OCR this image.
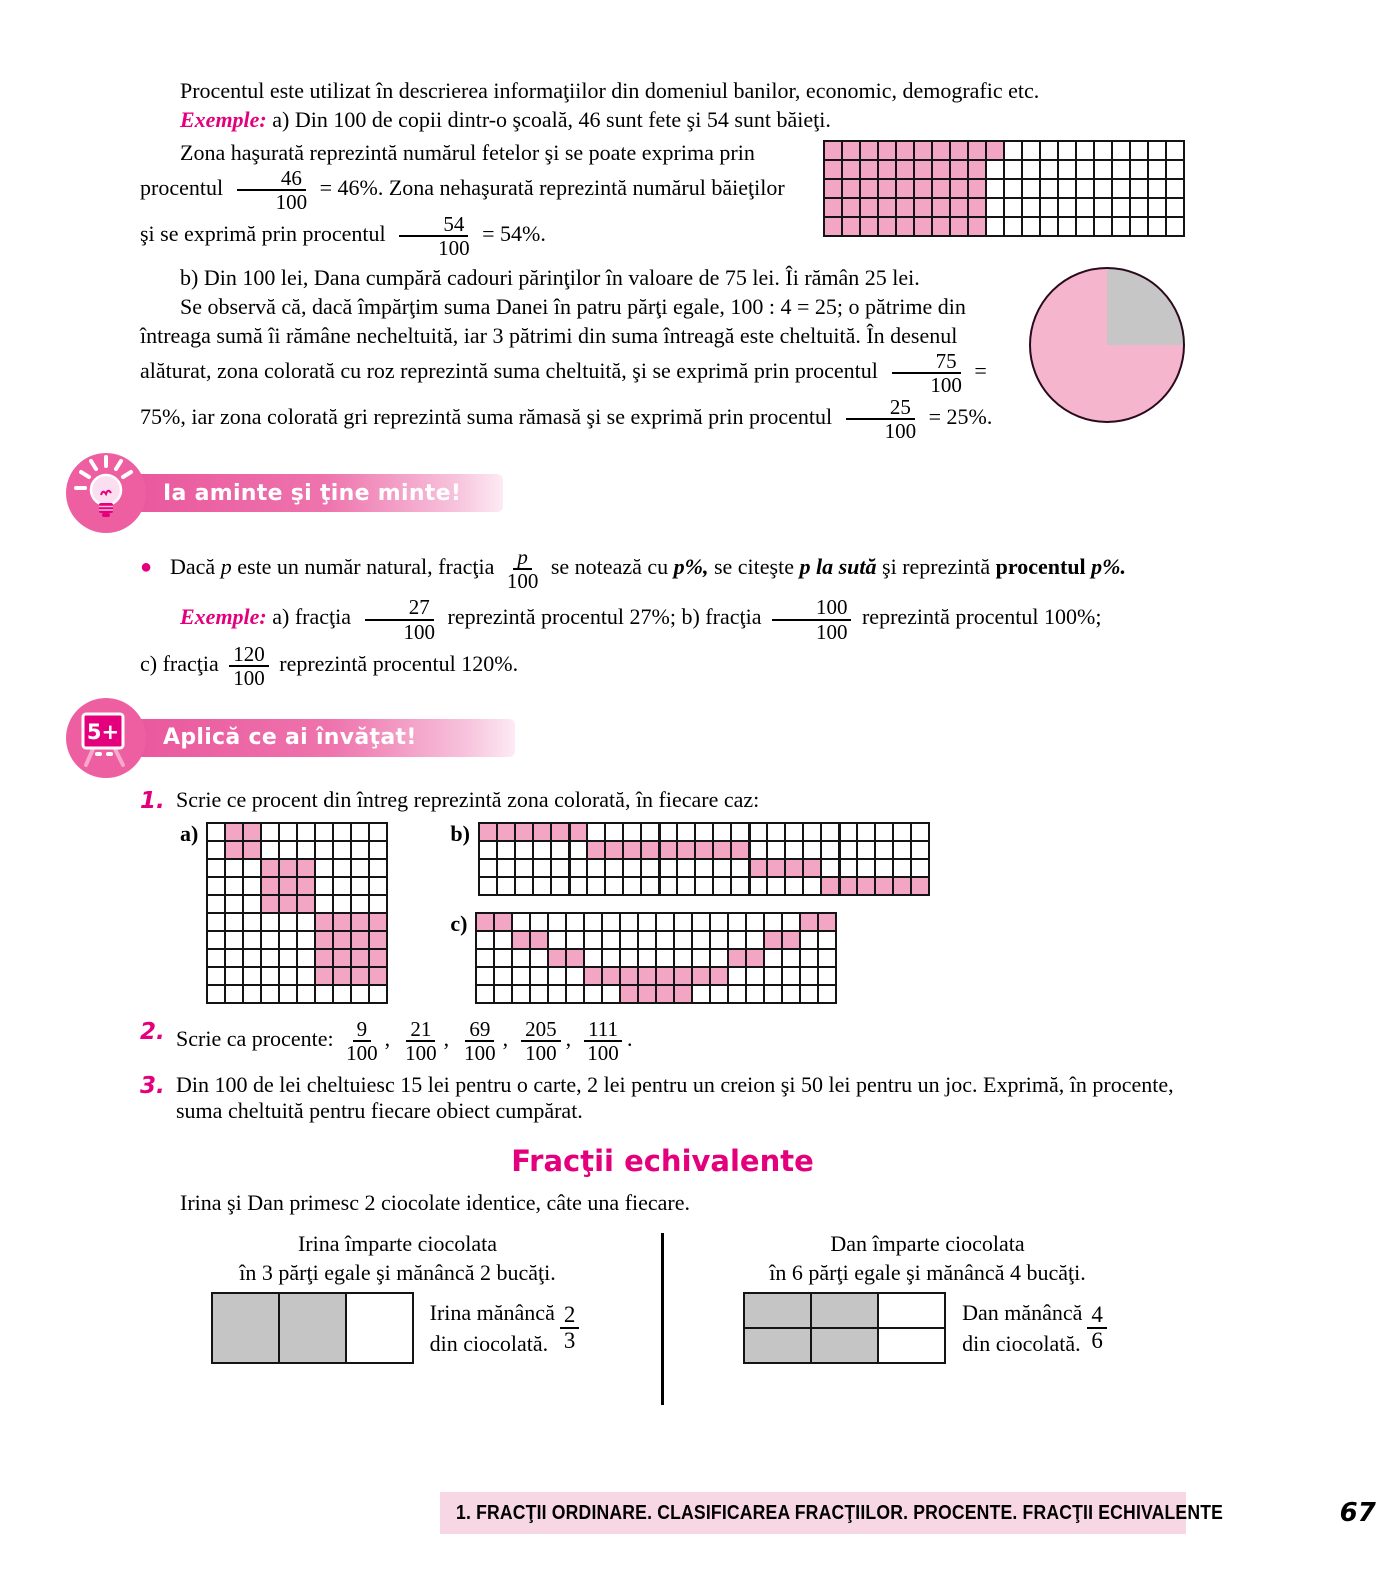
Procentul este utilizat în descrierea informaţiilor din domeniul banilor, economic, demografic etc.

Exemple: a) Din 100 de copii dintr-o şcoală, 46 sunt fete şi 54 sunt băieţi.

Zona haşurată reprezintă numărul fetelor şi se poate exprima prin procentul $\frac{46}{100} = 46\%$. Zona nehaşurată reprezintă numărul băieţilor şi se exprimă prin procentul $\frac{54}{100} = 54\%$.

b) Din 100 lei, Dana cumpără cadouri părinţilor în valoare de 75 lei. Îi rămân 25 lei.

Se observă că, dacă împărţim suma Danei în patru părţi egale, 100 : 4 = 25; o pătrime din întreaga sumă îi rămâne necheltuită, iar 3 pătrimi din suma întreagă este cheltuită. În desenul alăturat, zona colorată cu roz reprezintă suma cheltuită, şi se exprimă prin procentul $\frac{75}{100} = 75\%$, iar zona colorată gri reprezintă suma rămasă şi se exprimă prin procentul $\frac{25}{100} = 25\%$.

Ia aminte şi ţine minte!
● Dacă p este un număr natural, fracţia $\frac{p}{100}$ se notează cu p%, se citeşte p la sută şi reprezintă procentul p%.

Exemple: a) fracţia $\frac{27}{100}$ reprezintă procentul 27%; b) fracţia $\frac{100}{100}$ reprezintă procentul 100%;

c) fracţia $\frac{120}{100}$ reprezintă procentul 120%.

5+ Aplică ce ai învăţat!
1. Scrie ce procent din întreg reprezintă zona colorată, în fiecare caz:
a)	b)
c)
2. Scrie ca procente: $\frac{9}{100}$ , $\frac{21}{100}$ , $\frac{69}{100}$ , $\frac{205}{100}$ , $\frac{111}{100}$ .
3. Din 100 de lei cheltuiesc 15 lei pentru o carte, 2 lei pentru un creion şi 50 lei pentru un joc. Exprimă, în procente, suma cheltuită pentru fiecare obiect cumpărat.
Fracţii echivalente

Irina şi Dan primesc 2 ciocolate identice, câte una fiecare.

Irina împarte ciocolata
în 3 părţi egale şi mănâncă 2 bucăţi.
Irina mănâncă
din ciocolată. $\frac{2}{3}$
Dan împarte ciocolata
în 6 părţi egale şi mănâncă 4 bucăţi.
Dan mănâncă
din ciocolată. $\frac{4}{6}$
1. FRACŢII ORDINARE. CLASIFICAREA FRACŢIILOR. PROCENTE. FRACŢII ECHIVALENTE	67
